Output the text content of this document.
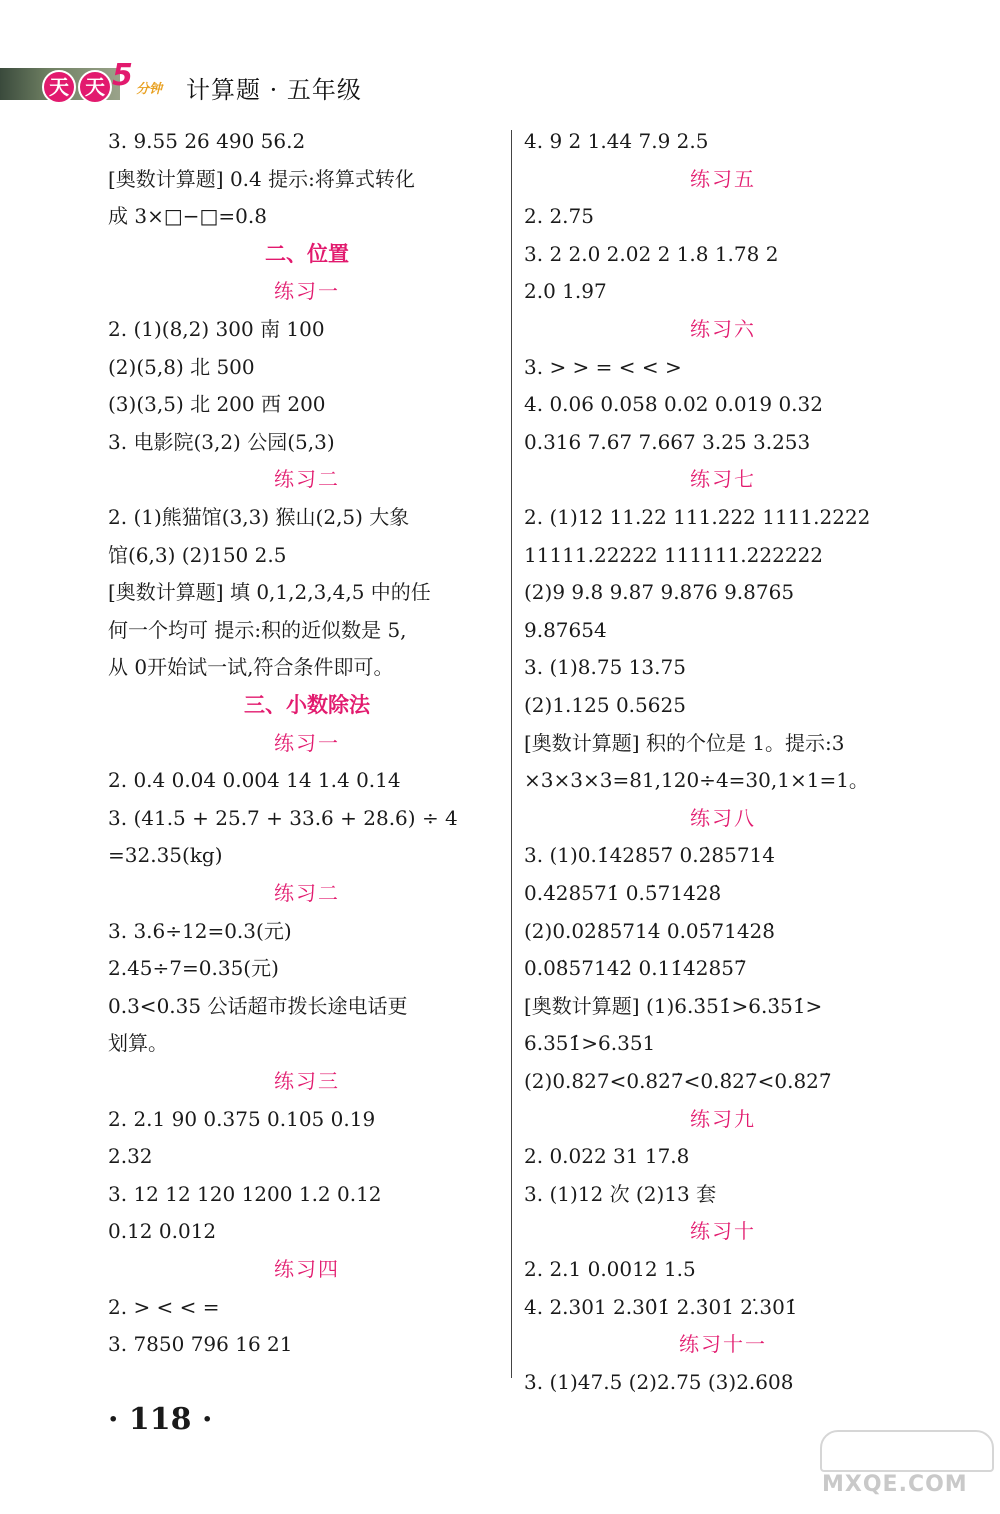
天 天 5 分钟 计算题 · 五年级
3. 9.55 26 490 56.2
[奥数计算题] 0.4 提示:将算式转化
成 3×□−□=0.8
二、位置
练习一
2. (1)(8,2) 300 南 100
(2)(5,8) 北 500
(3)(3,5) 北 200 西 200
3. 电影院(3,2) 公园(5,3)
练习二
2. (1)熊猫馆(3,3) 猴山(2,5) 大象
馆(6,3) (2)150 2.5
[奥数计算题] 填 0,1,2,3,4,5 中的任
何一个均可 提示:积的近似数是 5,
从 0开始试一试,符合条件即可。
三、小数除法
练习一
2. 0.4 0.04 0.004 14 1.4 0.14
3. (41.5 + 25.7 + 33.6 + 28.6) ÷ 4
=32.35(kg)
练习二
3. 3.6÷12=0.3(元)
2.45÷7=0.35(元)
0.3<0.35 公话超市拨长途电话更
划算。
练习三
2. 2.1 90 0.375 0.105 0.19
2.32
3. 12 12 120 1200 1.2 0.12
0.12 0.012
练习四
2. > < < =
3. 7850 796 16 21
4. 9 2 1.44 7.9 2.5
练习五
2. 2.75
3. 2 2.0 2.02 2 1.8 1.78 2
2.0 1.97
练习六
3. > > = < < >
4. 0.06 0.058 0.02 0.019 0.32
0.316 7.67 7.667 3.25 3.253
练习七
2. (1)12 11.22 111.222 1111.2222
11111.22222 111111.222222
(2)9 9.8 9.87 9.876 9.8765
9.87654
3. (1)8.75 13.75
(2)1.125 0.5625
[奥数计算题] 积的个位是 1。提示:3
×3×3×3=81,120÷4=30,1×1=1。
练习八
3. (1)0.1̇42857̇ 0.2̇85714̇
0.4̇28571̇ 0.5̇71428̇
(2)0.02̇85714̇ 0.05̇71428̇
0.08̇57142̇ 0.11̇42857̇
[奥数计算题] (1)6.3̇51̇>6.3̇51̇>
6.351̇>6.351
(2)0.827<0.82̇7̇<0.8̇27̇<0.827̇
练习九
2. 0.022 31 17.8
3. (1)12 次 (2)13 套
练习十
2. 2.1 0.0012 1.5
4. 2.301 2.30̇1̇ 2.3̇01̇ 2.̇301̇
练习十一
3. (1)47.5 (2)2.75 (3)2.608
· 118 ·
MXQE.COM
